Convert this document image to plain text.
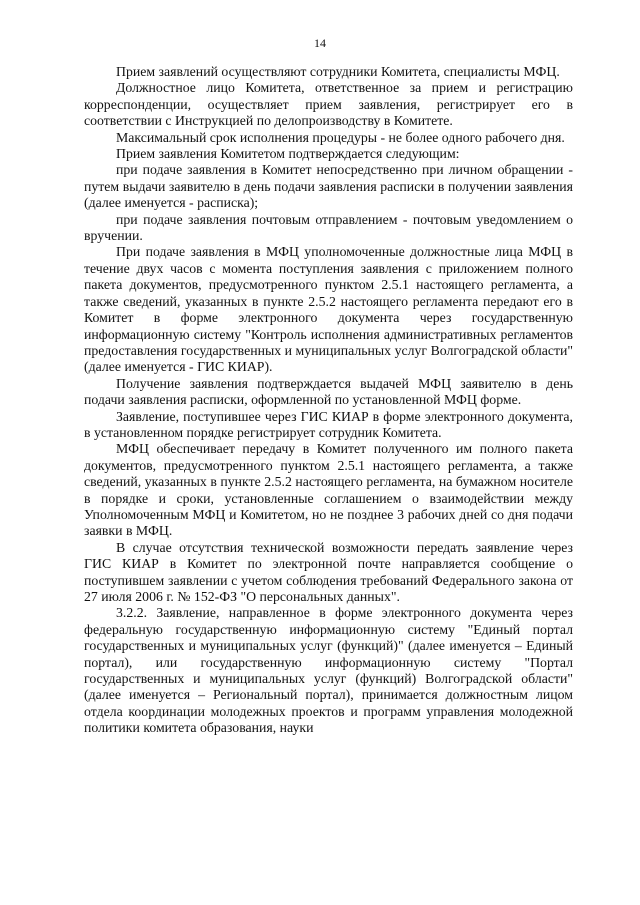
14

Прием заявлений осуществляют сотрудники Комитета, специалисты МФЦ.

Должностное лицо Комитета, ответственное за прием и регистрацию корреспонденции, осуществляет прием заявления, регистрирует его в соответствии с Инструкцией по делопроизводству в Комитете.

Максимальный срок исполнения процедуры - не более одного рабочего дня.

Прием заявления Комитетом подтверждается следующим:

при подаче заявления в Комитет непосредственно при личном обращении - путем выдачи заявителю в день подачи заявления расписки в получении заявления (далее именуется - расписка);

при подаче заявления почтовым отправлением - почтовым уведомлением о вручении.

При подаче заявления в МФЦ уполномоченные должностные лица МФЦ в течение двух часов с момента поступления заявления с приложением полного пакета документов, предусмотренного пунктом 2.5.1 настоящего регламента, а также сведений, указанных в пункте 2.5.2 настоящего регламента передают его в Комитет в форме электронного документа через государственную информационную систему "Контроль исполнения административных регламентов предоставления государственных и муниципальных услуг Волгоградской области" (далее именуется - ГИС КИАР).

Получение заявления подтверждается выдачей МФЦ заявителю в день подачи заявления расписки, оформленной по установленной МФЦ форме.

Заявление, поступившее через ГИС КИАР в форме электронного документа, в установленном порядке регистрирует сотрудник Комитета.

МФЦ обеспечивает передачу в Комитет полученного им полного пакета документов, предусмотренного пунктом 2.5.1 настоящего регламента, а также сведений, указанных в пункте 2.5.2 настоящего регламента, на бумажном носителе в порядке и сроки, установленные соглашением о взаимодействии между Уполномоченным МФЦ и Комитетом, но не позднее 3 рабочих дней со дня подачи заявки в МФЦ.

В случае отсутствия технической возможности передать заявление через ГИС КИАР в Комитет по электронной почте направляется сообщение о поступившем заявлении с учетом соблюдения требований Федерального закона от 27 июля 2006 г. № 152-ФЗ "О персональных данных".

3.2.2. Заявление, направленное в форме электронного документа через федеральную государственную информационную систему "Единый портал государственных и муниципальных услуг (функций)" (далее именуется – Единый портал), или государственную информационную систему "Портал государственных и муниципальных услуг (функций) Волгоградской области" (далее именуется – Региональный портал), принимается должностным лицом отдела координации молодежных проектов и программ управления молодежной политики комитета образования, науки
